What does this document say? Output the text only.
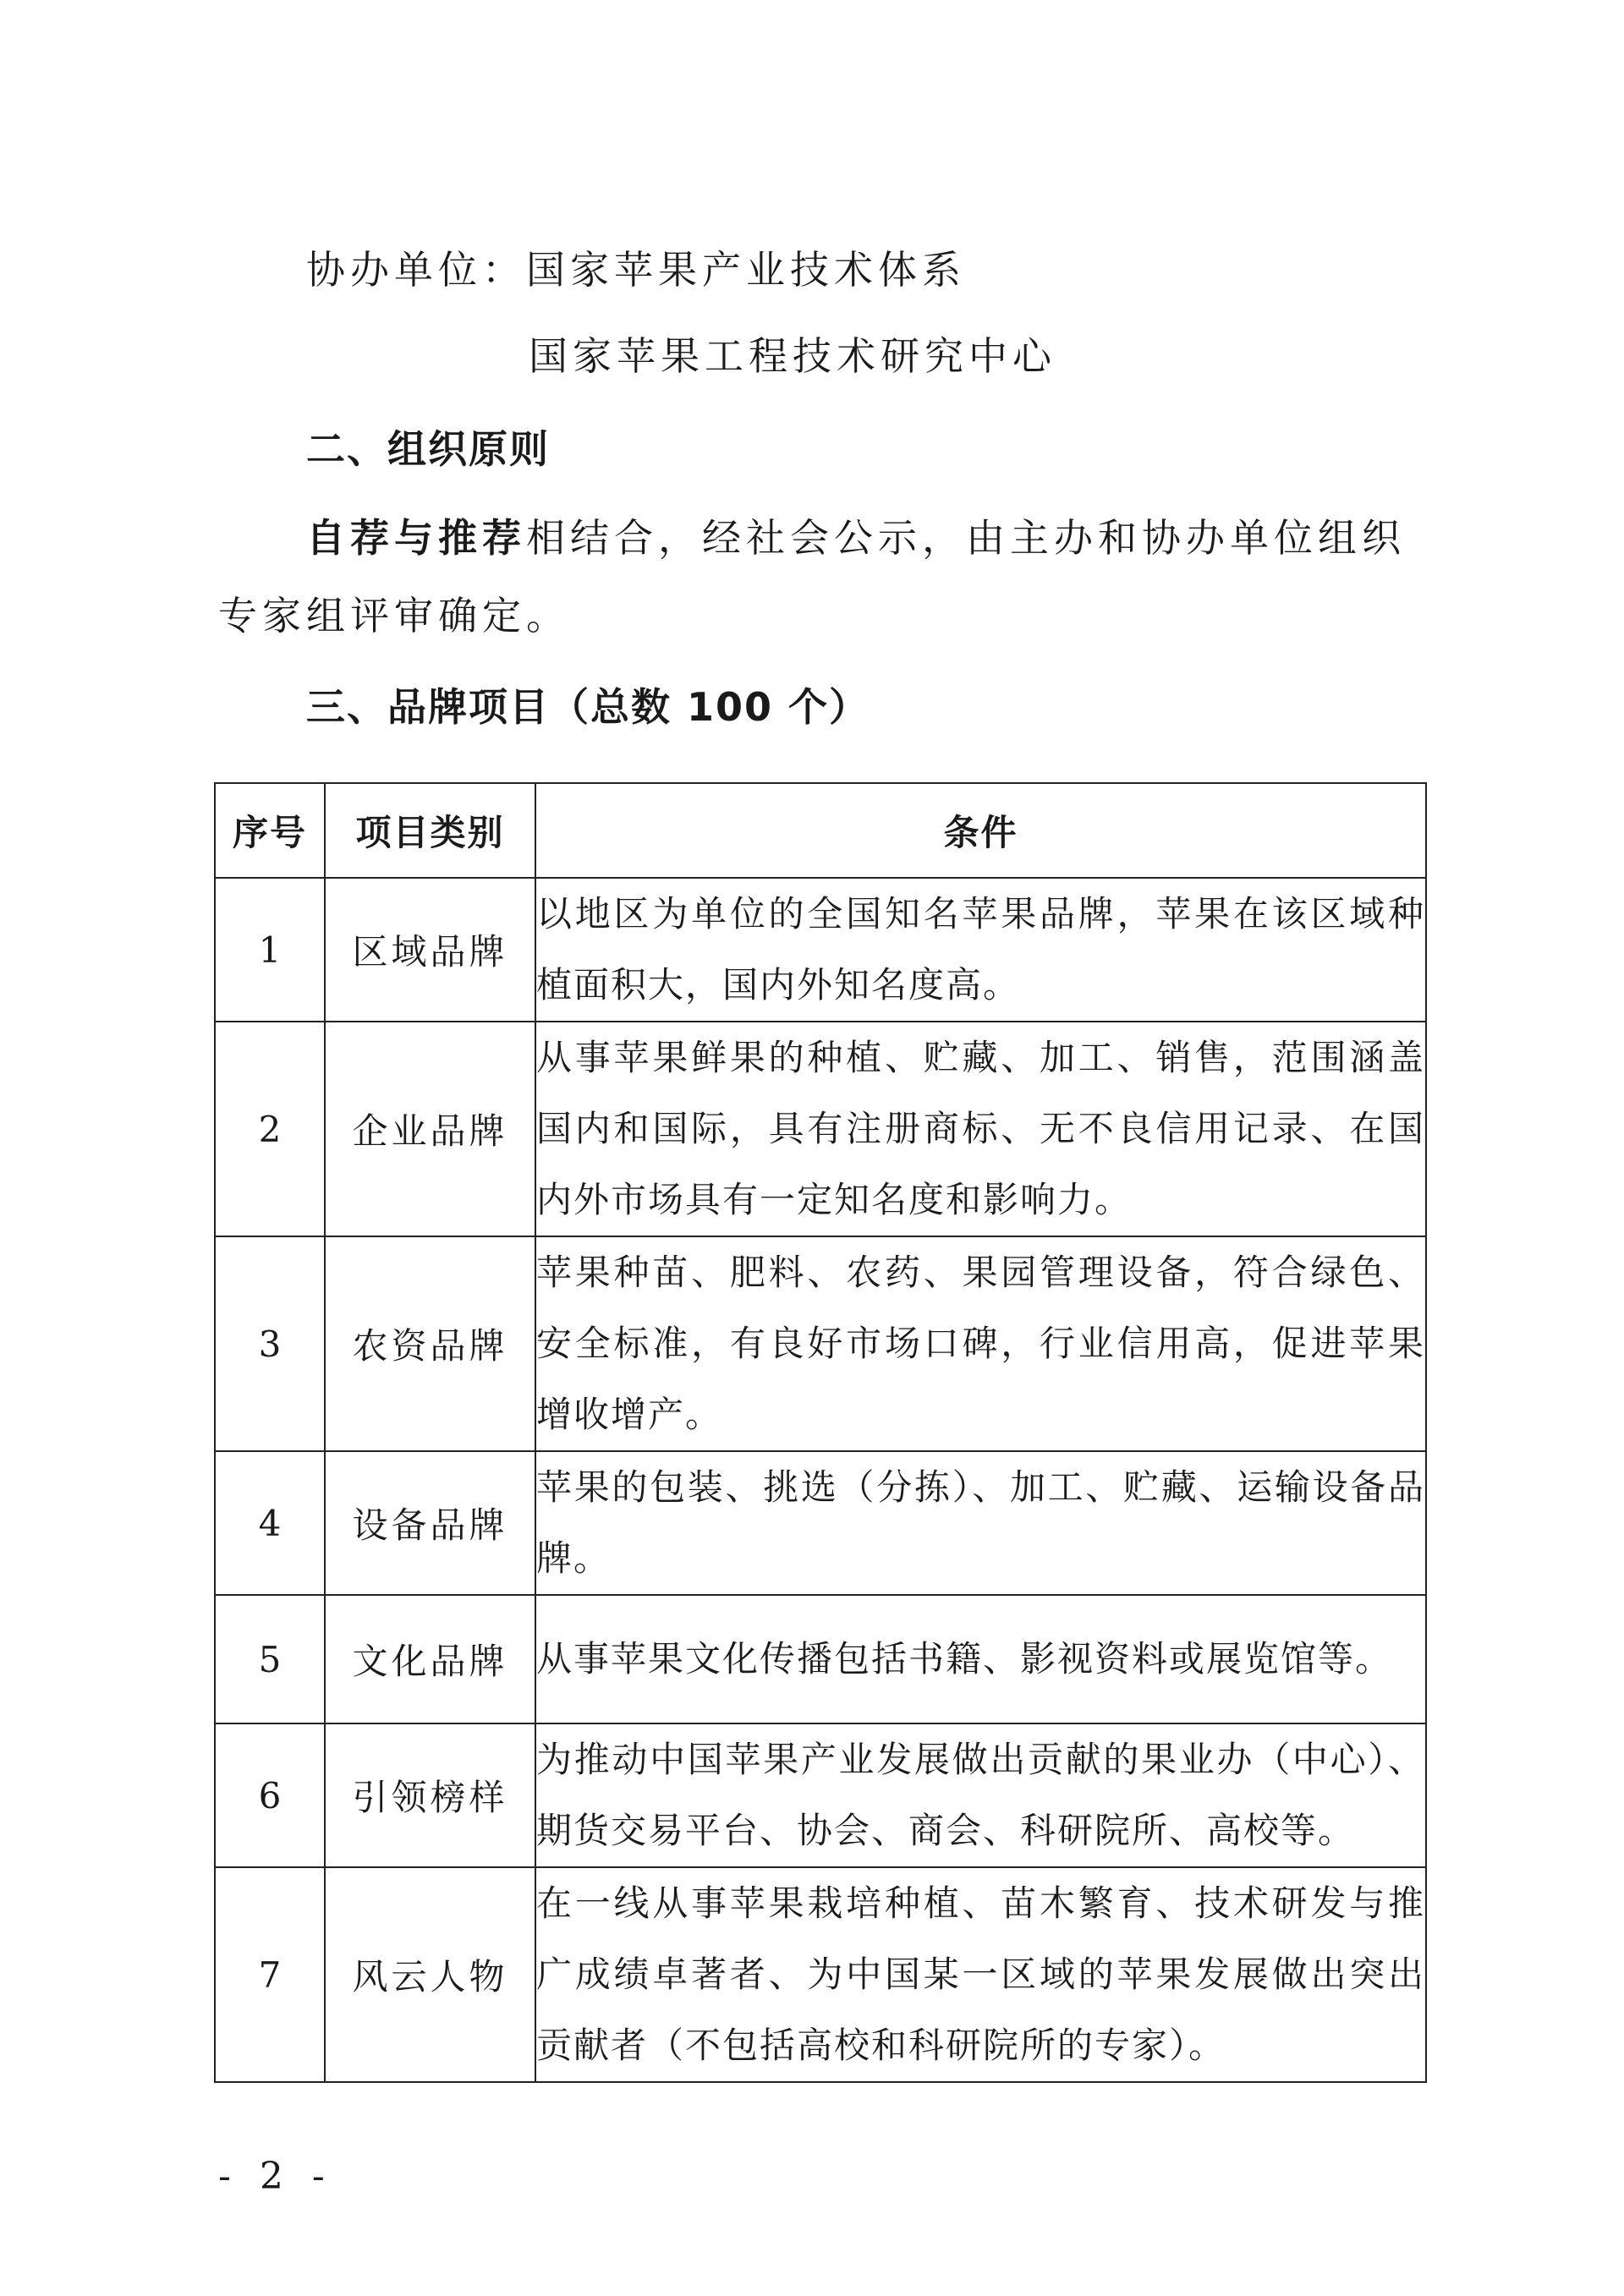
协办单位：国家苹果产业技术体系
国家苹果工程技术研究中心
二、组织原则
自荐与推荐相结合，经社会公示，由主办和协办单位组织
专家组评审确定。
三、品牌项目（总数 100 个）
序号	项目类别	条件
1	区域品牌	以地区为单位的全国知名苹果品牌，苹果在该区域种植面积大，国内外知名度高。
2	企业品牌	从事苹果鲜果的种植、贮藏、加工、销售，范围涵盖国内和国际，具有注册商标、无不良信用记录、在国内外市场具有一定知名度和影响力。
3	农资品牌	苹果种苗、肥料、农药、果园管理设备，符合绿色、安全标准，有良好市场口碑，行业信用高，促进苹果增收增产。
4	设备品牌	苹果的包装、挑选（分拣）、加工、贮藏、运输设备品牌。
5	文化品牌	从事苹果文化传播包括书籍、影视资料或展览馆等。
6	引领榜样	为推动中国苹果产业发展做出贡献的果业办（中心）、期货交易平台、协会、商会、科研院所、高校等。
7	风云人物	在一线从事苹果栽培种植、苗木繁育、技术研发与推广成绩卓著者、为中国某一区域的苹果发展做出突出贡献者（不包括高校和科研院所的专家）。
- 2 -
